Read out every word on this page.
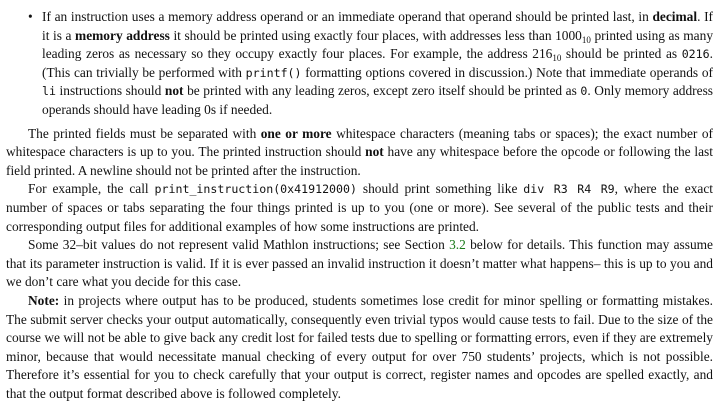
• If an instruction uses a memory address operand or an immediate operand that operand should be printed last, in decimal. If it is a memory address it should be printed using exactly four places, with addresses less than $1000_{10}$ printed using as many leading zeros as necessary so they occupy exactly four places. For example, the address $216_{10}$ should be printed as 0216. (This can trivially be performed with printf() formatting options covered in discussion.) Note that immediate operands of li instructions should not be printed with any leading zeros, except zero itself should be printed as 0. Only memory address operands should have leading 0s if needed.

The printed fields must be separated with one or more whitespace characters (meaning tabs or spaces); the exact number of whitespace characters is up to you. The printed instruction should not have any whitespace before the opcode or following the last field printed. A newline should not be printed after the instruction.

For example, the call print_instruction(0x41912000) should print something like div R3 R4 R9, where the exact number of spaces or tabs separating the four things printed is up to you (one or more). See several of the public tests and their corresponding output files for additional examples of how some instructions are printed.

Some 32–bit values do not represent valid Mathlon instructions; see Section 3.2 below for details. This function may assume that its parameter instruction is valid. If it is ever passed an invalid instruction it doesn’t matter what happens– this is up to you and we don’t care what you decide for this case.

Note: in projects where output has to be produced, students sometimes lose credit for minor spelling or formatting mistakes. The submit server checks your output automatically, consequently even trivial typos would cause tests to fail. Due to the size of the course we will not be able to give back any credit lost for failed tests due to spelling or formatting errors, even if they are extremely minor, because that would necessitate manual checking of every output for over 750 students’ projects, which is not possible. Therefore it’s essential for you to check carefully that your output is correct, register names and opcodes are spelled exactly, and that the output format described above is followed completely.
